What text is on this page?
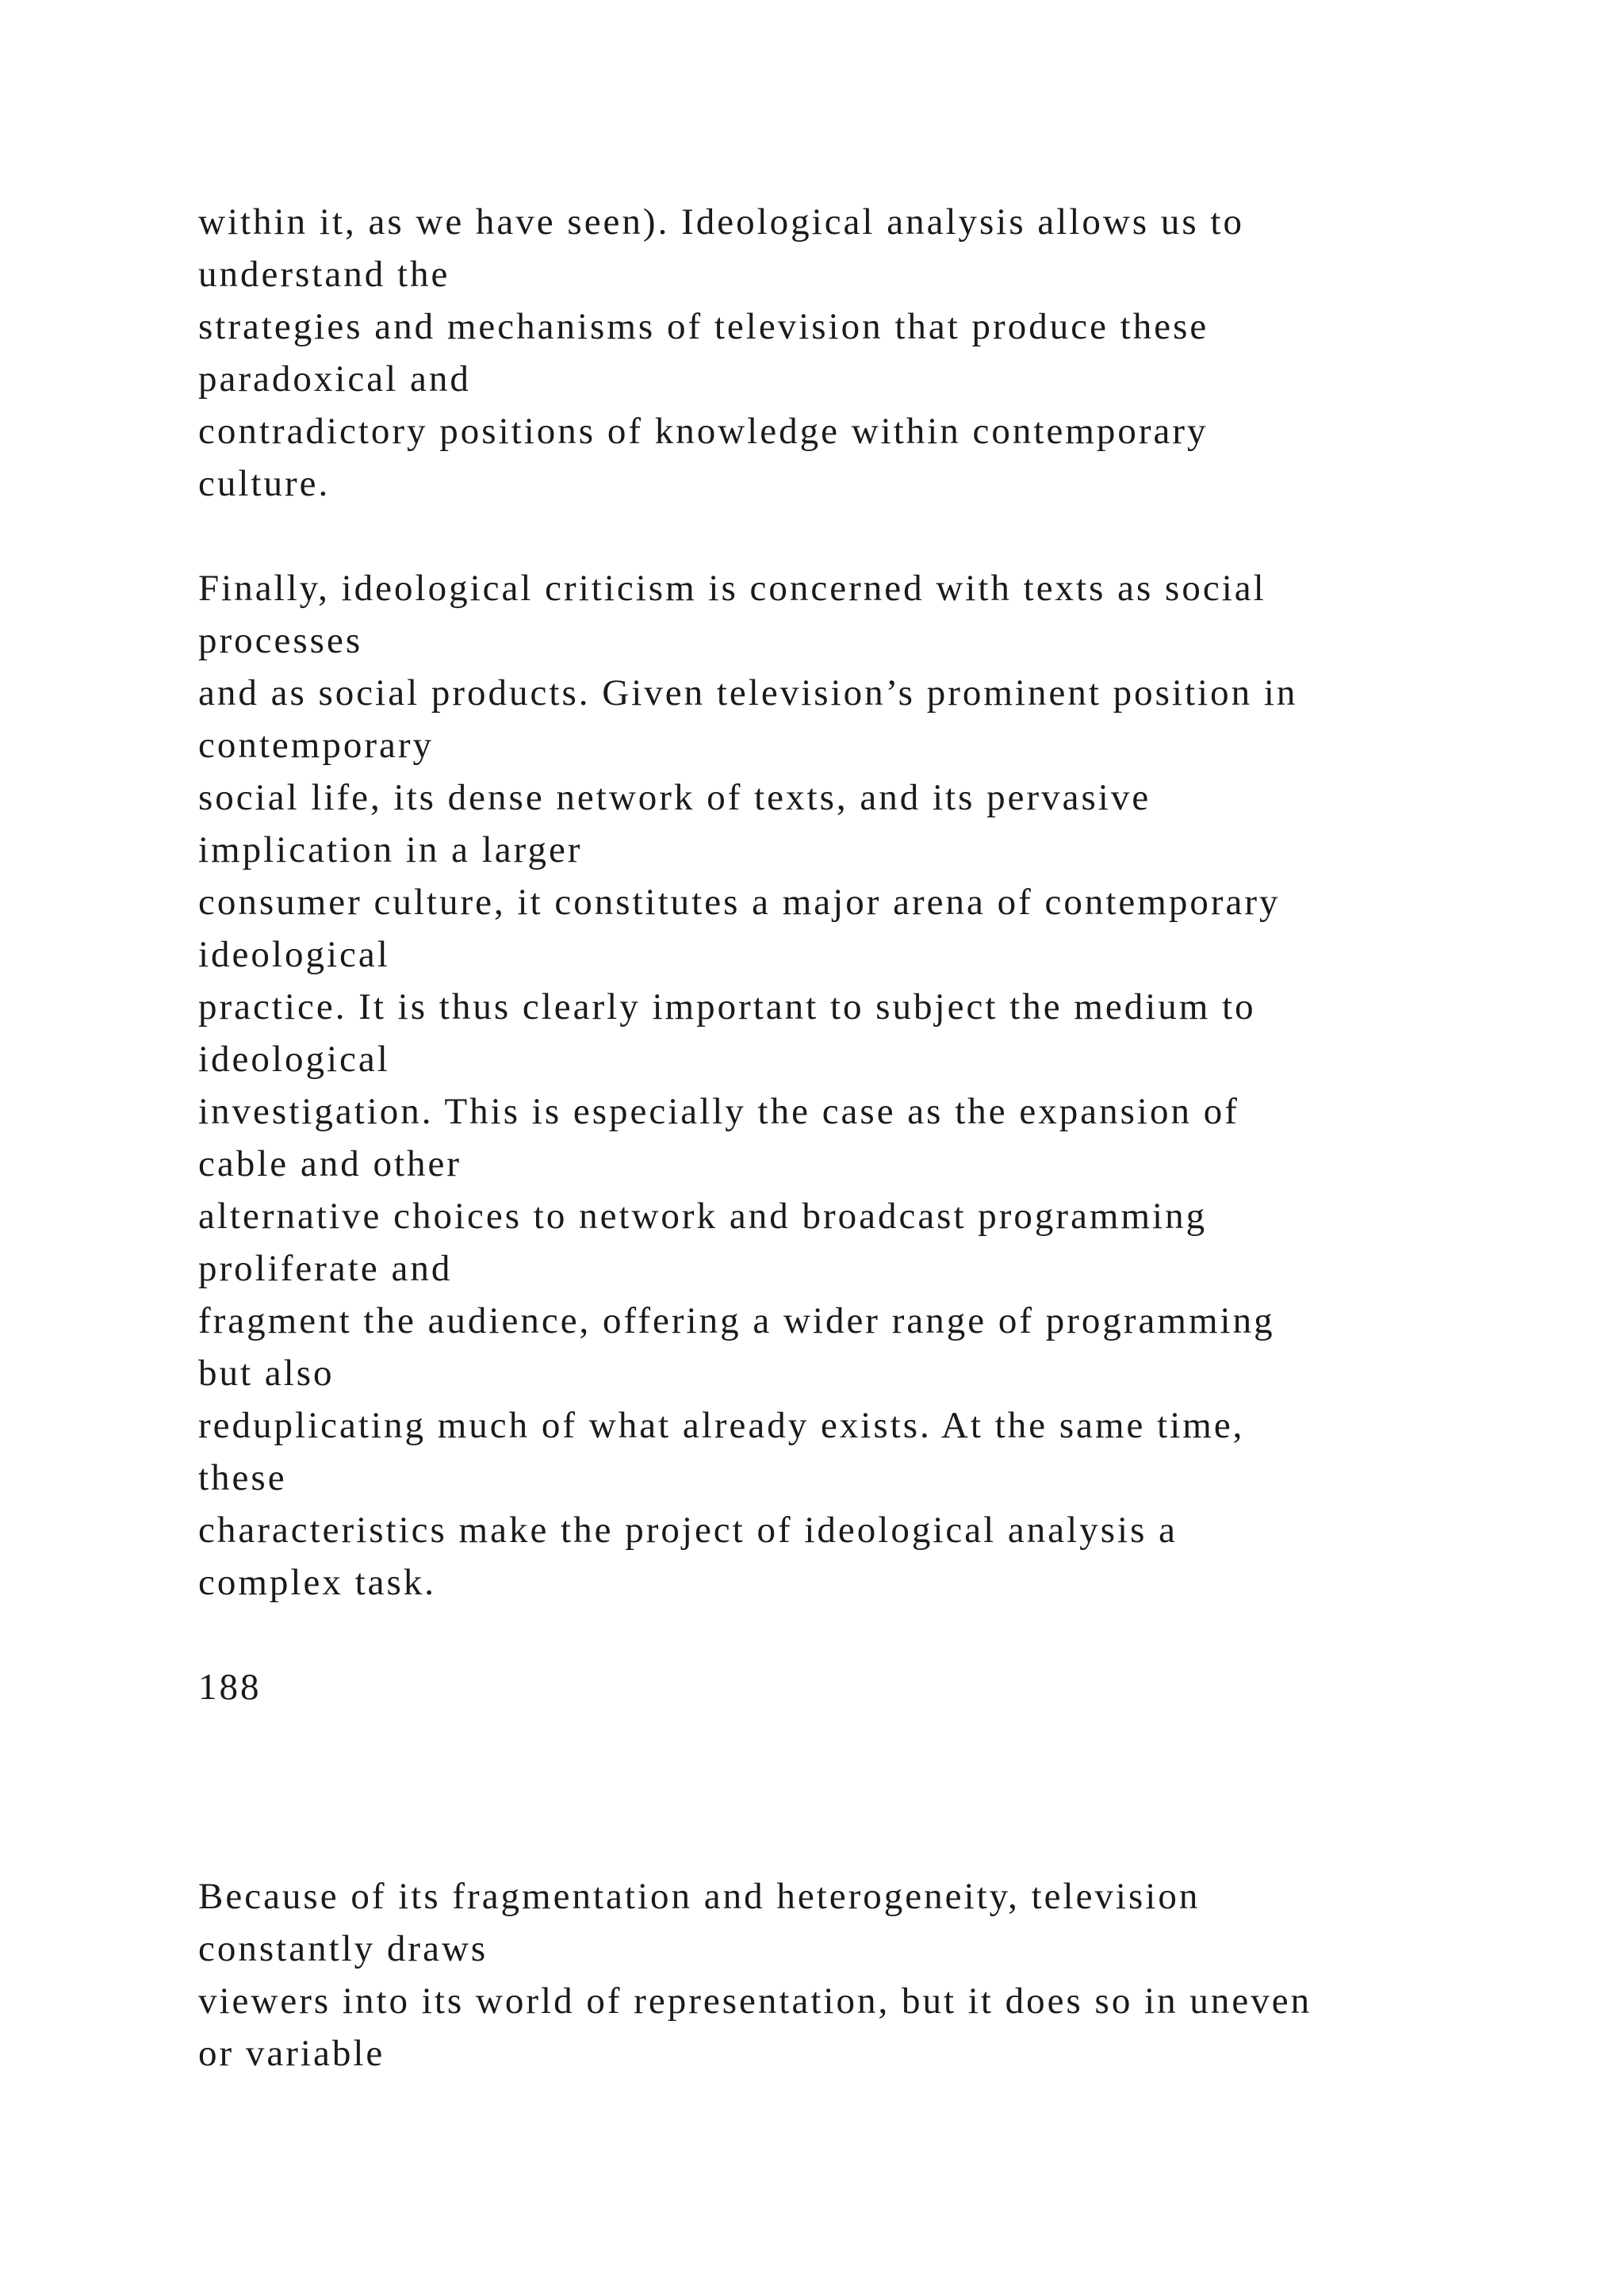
within it, as we have seen). Ideological analysis allows us to
understand the
strategies and mechanisms of television that produce these
paradoxical and
contradictory positions of knowledge within contemporary
culture.
Finally, ideological criticism is concerned with texts as social
processes
and as social products. Given television’s prominent position in
contemporary
social life, its dense network of texts, and its pervasive
implication in a larger
consumer culture, it constitutes a major arena of contemporary
ideological
practice. It is thus clearly important to subject the medium to
ideological
investigation. This is especially the case as the expansion of
cable and other
alternative choices to network and broadcast programming
proliferate and
fragment the audience, offering a wider range of programming
but also
reduplicating much of what already exists. At the same time,
these
characteristics make the project of ideological analysis a
complex task.
188
Because of its fragmentation and heterogeneity, television
constantly draws
viewers into its world of representation, but it does so in uneven
or variable
